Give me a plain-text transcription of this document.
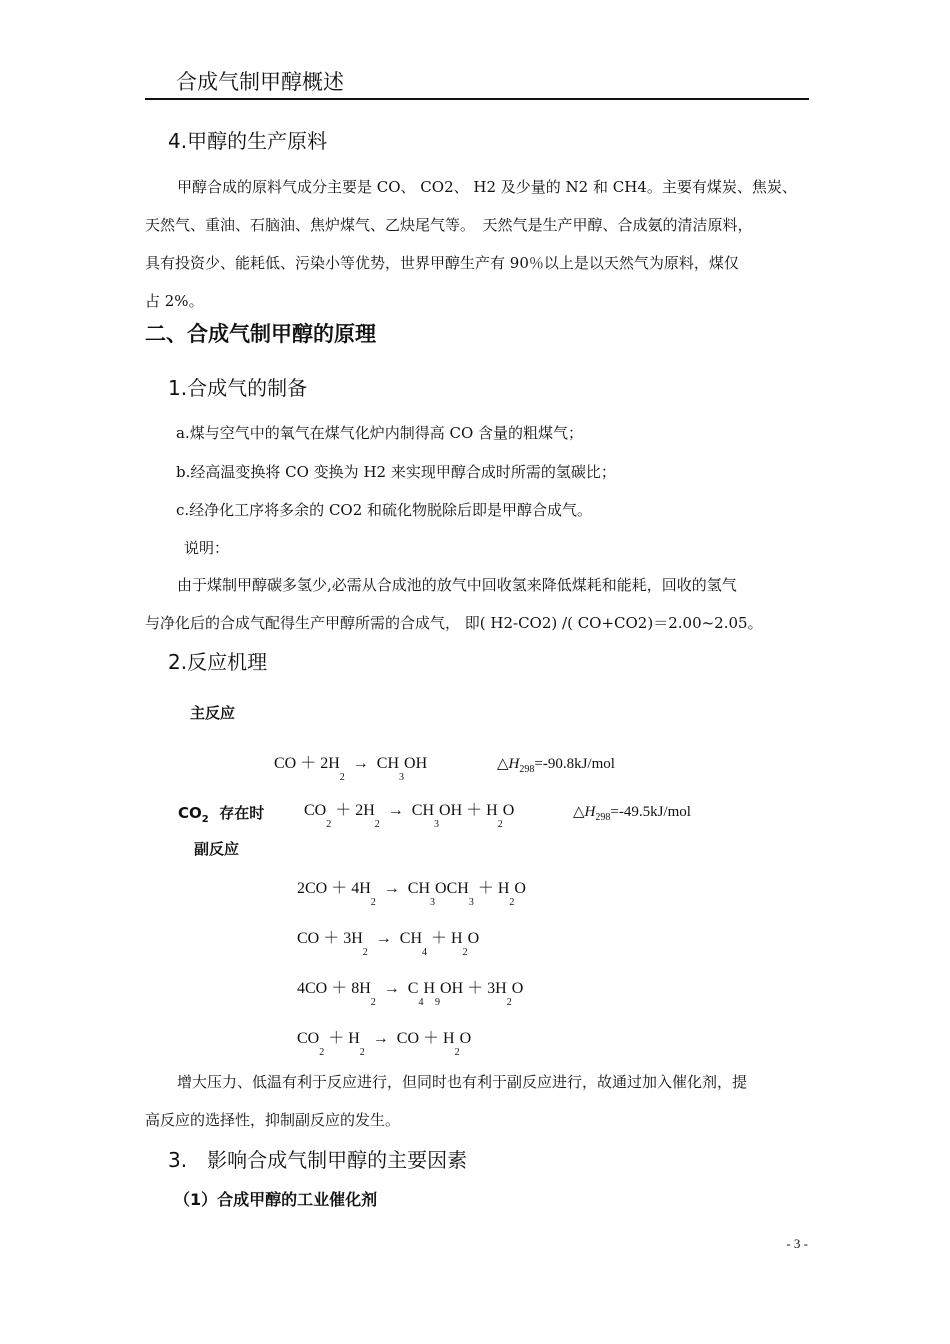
合成气制甲醇概述
4.甲醇的生产原料
甲醇合成的原料气成分主要是 CO、 CO2、 H2 及少量的 N2 和 CH4。主要有煤炭、焦炭、
天然气、重油、石脑油、焦炉煤气、乙炔尾气等。　天然气是生产甲醇、合成氨的清洁原料，
具有投资少、能耗低、污染小等优势，世界甲醇生产有 90％以上是以天然气为原料，煤仅
占 2%。
二、合成气制甲醇的原理
1.合成气的制备
a.煤与空气中的氧气在煤气化炉内制得高 CO 含量的粗煤气；
b.经高温变换将 CO 变换为 H2 来实现甲醇合成时所需的氢碳比；
c.经净化工序将多余的 CO2 和硫化物脱除后即是甲醇合成气。
说明：
由于煤制甲醇碳多氢少,必需从合成池的放气中回收氢来降低煤耗和能耗，回收的氢气
与净化后的合成气配得生产甲醇所需的合成气， 即( H2-CO2) /( CO+CO2)＝2.00~2.05。
2.反应机理
主反应
CO ＋ $2H_2 \to CH_3OH$	$\triangle H_{298}=-90.8kJ$/mol
$CO_2$ 存在时 $CO_2 + 2H_2 \to CH_3OH + H_2O$	$\triangle H_{298}=-49.5kJ$/mol
副反应
$2CO + 4H_2 \to CH_3OCH_3 + H_2O$
CO ＋ $3H_2 \to CH_4 + H_2O$
$4CO + 8H_2 \to C_4H_9OH + 3H_2O$
$CO_2 + H_2$ → CO ＋ $H_2O$
增大压力、低温有利于反应进行，但同时也有利于副反应进行，故通过加入催化剂，提
高反应的选择性，抑制副反应的发生。
3.　影响合成气制甲醇的主要因素
（1）合成甲醇的工业催化剂
- 3 -
